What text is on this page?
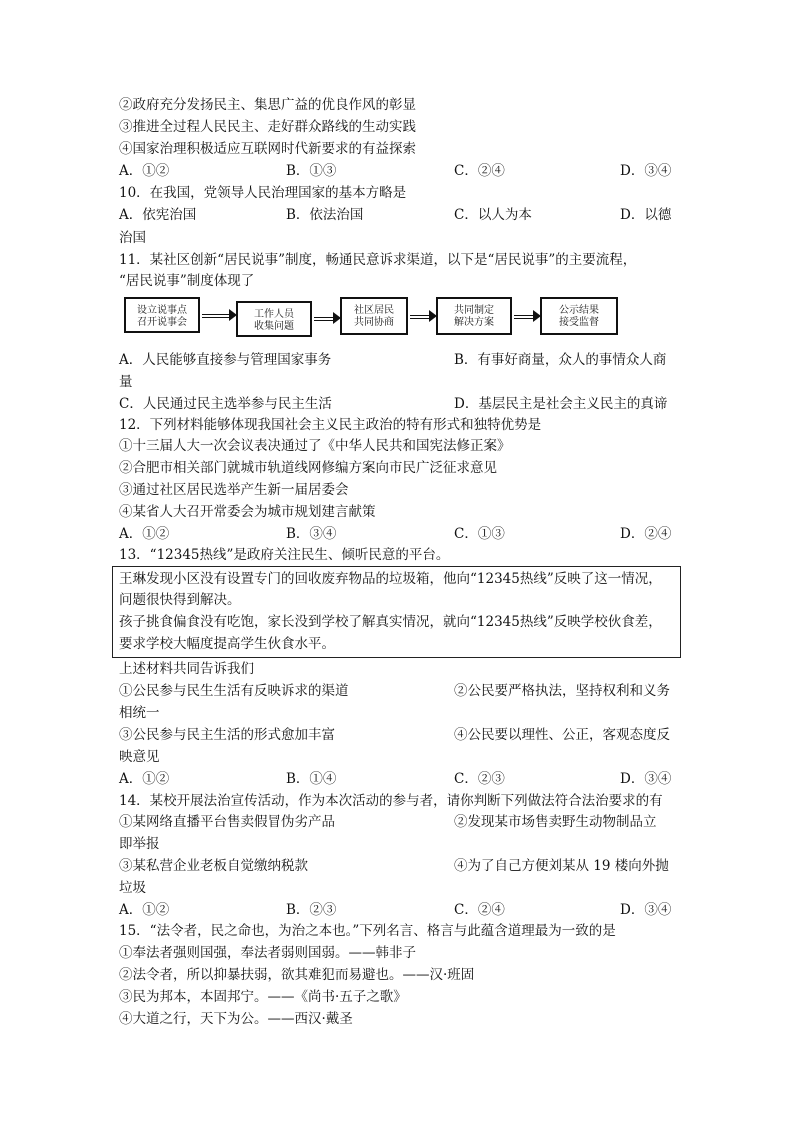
②政府充分发扬民主、集思广益的优良作风的彰显
③推进全过程人民民主、走好群众路线的生动实践
④国家治理积极适应互联网时代新要求的有益探索
A．①②	B．①③	C．②④	D．③④
10．在我国，党领导人民治理国家的基本方略是
A．依宪治国	B．依法治国	C．以人为本	D．以德
治国
11．某社区创新“居民说事”制度，畅通民意诉求渠道，以下是“居民说事”的主要流程，
“居民说事”制度体现了
设立说事点
召开说事会
工作人员
收集问题
社区居民
共同协商
共同制定
解决方案
公示结果
接受监督
A．人民能够直接参与管理国家事务	B．有事好商量，众人的事情众人商
量
C．人民通过民主选举参与民主生活	D．基层民主是社会主义民主的真谛
12．下列材料能够体现我国社会主义民主政治的特有形式和独特优势是
①十三届人大一次会议表决通过了《中华人民共和国宪法修正案》
②合肥市相关部门就城市轨道线网修编方案向市民广泛征求意见
③通过社区居民选举产生新一届居委会
④某省人大召开常委会为城市规划建言献策
A．①②	B．③④	C．①③	D．②④
13．“12345热线”是政府关注民生、倾听民意的平台。
王琳发现小区没有设置专门的回收废弃物品的垃圾箱，他向“12345热线”反映了这一情况，
问题很快得到解决。
孩子挑食偏食没有吃饱，家长没到学校了解真实情况，就向“12345热线”反映学校伙食差，
要求学校大幅度提高学生伙食水平。
上述材料共同告诉我们
①公民参与民生生活有反映诉求的渠道	②公民要严格执法，坚持权利和义务
相统一
③公民参与民主生活的形式愈加丰富	④公民要以理性、公正，客观态度反
映意见
A．①②	B．①④	C．②③	D．③④
14．某校开展法治宣传活动，作为本次活动的参与者，请你判断下列做法符合法治要求的有
①某网络直播平台售卖假冒伪劣产品	②发现某市场售卖野生动物制品立
即举报
③某私营企业老板自觉缴纳税款	④为了自己方便刘某从 19 楼向外抛
垃圾
A．①②	B．②③	C．②④	D．③④
15．“法令者，民之命也，为治之本也。”下列名言、格言与此蕴含道理最为一致的是
①奉法者强则国强，奉法者弱则国弱。——韩非子
②法令者，所以抑暴扶弱，欲其难犯而易避也。——汉·班固
③民为邦本，本固邦宁。——《尚书·五子之歌》
④大道之行，天下为公。——西汉·戴圣
